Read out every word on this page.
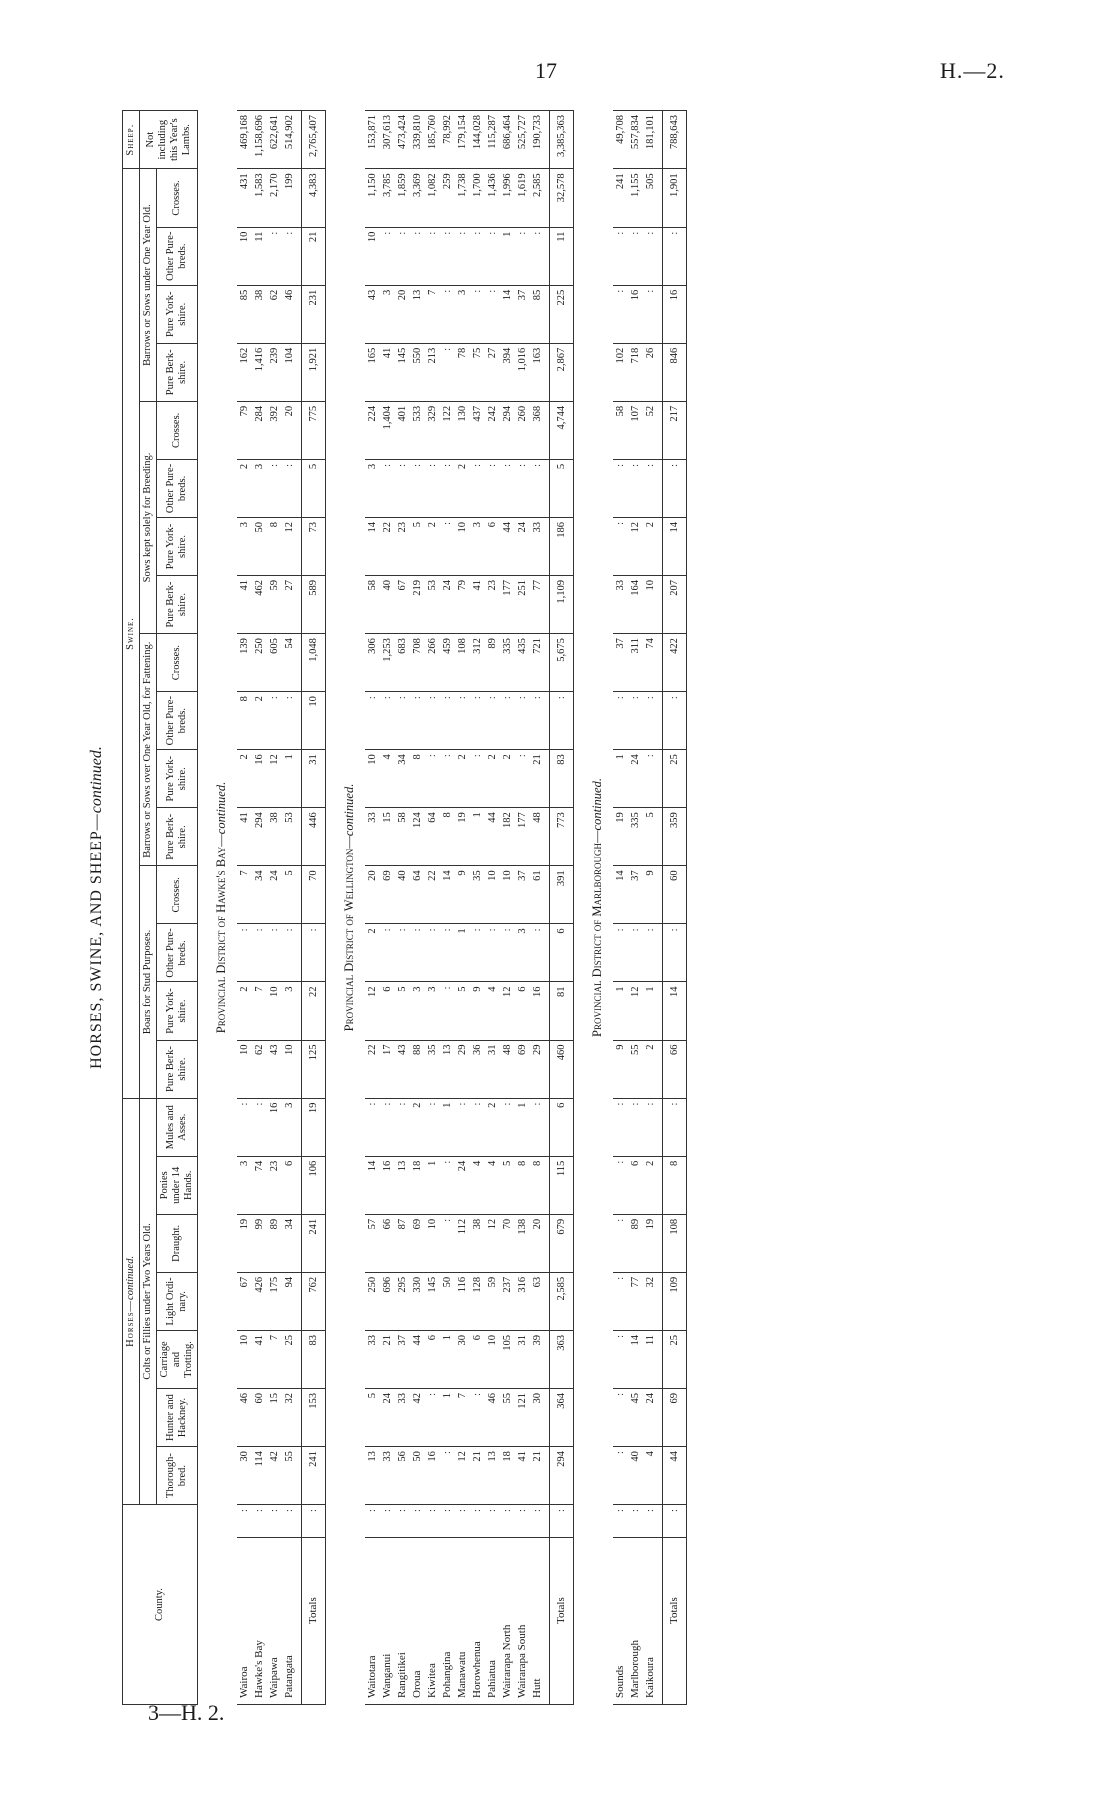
17	H.—2.
3—H. 2.
HORSES, SWINE, AND SHEEP—continued.
County.		Horses—continued.							Swine.																Sheep.
		Colts or Fillies under Two Years Old.							Boars for Stud Purposes.				Barrows or Sows over One Year Old, for Fattening.				Sows kept solely for Breeding.				Barrows or Sows under One Year Old.				Not including this Year's Lambs.
		Thorough-bred.	Hunter and Hackney.	Carriage and Trotting.	Light Ordi-nary.	Draught.	Ponies under 14 Hands.	Mules and Asses.	Pure Berk-shire.	Pure York-shire.	Other Pure-breds.	Crosses.	Pure Berk-shire.	Pure York-shire.	Other Pure-breds.	Crosses.	Pure Berk-shire.	Pure York-shire.	Other Pure-breds.	Crosses.	Pure Berk-shire.	Pure York-shire.	Other Pure-breds.	Crosses.	
Provincial District of Hawke's Bay—continued.																									
Wairoa	:	30	46	10	67	19	3	:	10	2	:	7	41	2	8	139	41	3	2	79	162	85	10	431	469,168
Hawke's Bay	:	114	60	41	426	99	74	:	62	7	:	34	294	16	2	250	462	50	3	284	1,416	38	11	1,583	1,158,696
Waipawa	:	42	15	7	175	89	23	16	43	10	:	24	38	12	:	605	59	8	:	392	239	62	:	2,170	622,641
Patangata	:	55	32	25	94	34	6	3	10	3	:	5	53	1	:	54	27	12	:	20	104	46	:	199	514,902
Totals	:	241	153	83	762	241	106	19	125	22	:	70	446	31	10	1,048	589	73	5	775	1,921	231	21	4,383	2,765,407
Provincial District of Wellington—continued.																									
Waitotara	:	13	5	33	250	57	14	:	22	12	2	20	33	10	:	306	58	14	3	224	165	43	10	1,150	153,871
Wanganui	:	33	24	21	696	66	16	:	17	6	:	69	15	4	:	1,253	40	22	:	1,404	41	3	:	3,785	307,613
Rangitikei	:	56	33	37	295	87	13	:	43	5	:	40	58	34	:	683	67	23	:	401	145	20	:	1,859	473,424
Oroua	:	50	42	44	330	69	18	2	88	3	:	64	124	8	:	708	219	5	:	533	550	13	:	3,369	339,810
Kiwitea	:	16	:	6	145	10	1	:	35	3	:	22	64	:	:	266	53	2	:	329	213	7	:	1,082	185,760
Pohangina	:	:	1	1	50	:	:	1	13	:	:	14	8	:	:	459	24	:	:	122	:	:	:	259	78,992
Manawatu	:	12	7	30	116	112	24	:	29	5	1	9	19	2	:	108	79	10	2	130	78	3	:	1,738	179,154
Horowhenua	:	21	:	6	128	38	4	:	36	9	:	35	1	:	:	312	41	3	:	437	75	:	:	1,700	144,028
Pahiatua	:	13	46	10	59	12	4	2	31	4	:	10	44	2	:	89	23	6	:	242	27	:	:	1,436	115,287
Wairarapa North	:	18	55	105	237	70	5	:	48	12	:	10	182	2	:	335	177	44	:	294	394	14	1	1,996	686,464
Wairarapa South	:	41	121	31	316	138	8	1	69	6	3	37	177	:	:	435	251	24	:	260	1,016	37	:	1,619	525,727
Hutt	:	21	30	39	63	20	8	:	29	16	:	61	48	21	:	721	77	33	:	368	163	85	:	2,585	190,733
Totals	:	294	364	363	2,585	679	115	6	460	81	6	391	773	83	:	5,675	1,109	186	5	4,744	2,867	225	11	32,578	3,385,363
Provincial District of Marlborough—continued.																									
Sounds	:	:	:	:	:	:	:	:	9	1	:	14	19	1	:	37	33	:	:	58	102	:	:	241	49,708
Marlborough	:	40	45	14	77	89	6	:	55	12	:	37	335	24	:	311	164	12	:	107	718	16	:	1,155	557,834
Kaikoura	:	4	24	11	32	19	2	:	2	1	:	9	5	:	:	74	10	2	:	52	26	:	:	505	181,101
Totals	:	44	69	25	109	108	8	:	66	14	:	60	359	25	:	422	207	14	:	217	846	16	:	1,901	788,643
